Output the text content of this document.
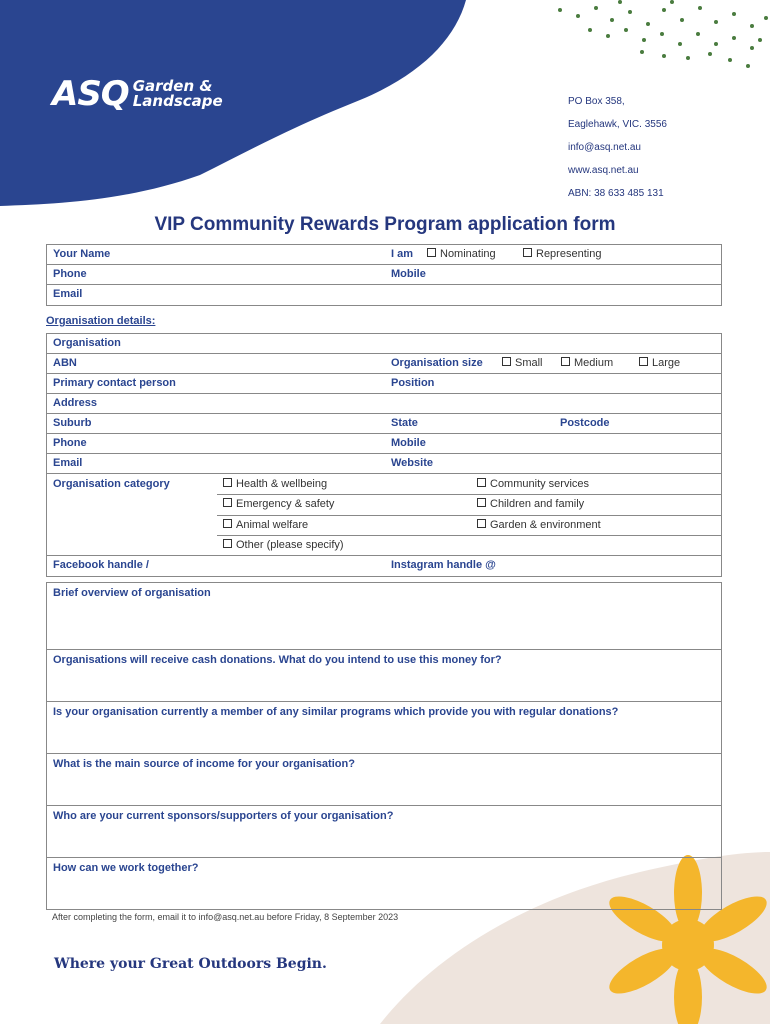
ASQ Garden &
Landscape	PO Box 358,
Eaglehawk, VIC. 3556
info@asq.net.au
www.asq.net.au
ABN: 38 633 485 131
VIP Community Rewards Program application form
Your Name	I am	Nominating	Representing
Phone	Mobile
Email
Organisation details:
Organisation
ABN	Organisation size	Small	Medium	Large
Primary contact person	Position
Address
Suburb	State	Postcode
Phone	Mobile
Email	Website
Organisation category	Health & wellbeing	Community services
Emergency & safety	Children and family
Animal welfare	Garden & environment
Other (please specify)
Facebook handle /	Instagram handle @
Brief overview of organisation
Organisations will receive cash donations. What do you intend to use this money for?
Is your organisation currently a member of any similar programs which provide you with regular donations?
What is the main source of income for your organisation?
Who are your current sponsors/supporters of your organisation?
How can we work together?
After completing the form, email it to info@asq.net.au before Friday, 8 September 2023
Where your Great Outdoors Begin.
